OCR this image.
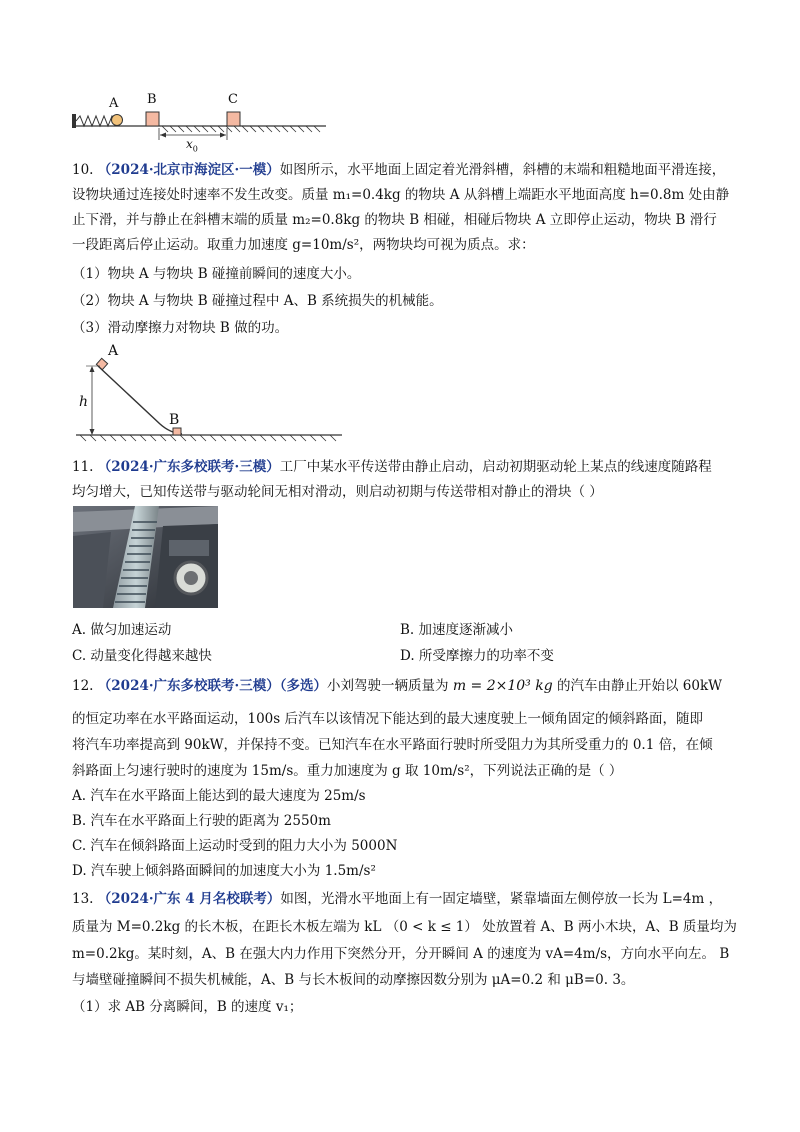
A B	C
$x_0$
10. （2024·北京市海淀区·一模）如图所示，水平地面上固定着光滑斜槽，斜槽的末端和粗糙地面平滑连接，
设物块通过连接处时速率不发生改变。质量 m₁=0.4kg 的物块 A 从斜槽上端距水平地面高度 h=0.8m 处由静
止下滑，并与静止在斜槽末端的质量 m₂=0.8kg 的物块 B 相碰，相碰后物块 A 立即停止运动，物块 B 滑行
一段距离后停止运动。取重力加速度 g=10m/s²，两物块均可视为质点。求：
（1）物块 A 与物块 B 碰撞前瞬间的速度大小。
（2）物块 A 与物块 B 碰撞过程中 A、B 系统损失的机械能。
（3）滑动摩擦力对物块 B 做的功。
A
B
h
11. （2024·广东多校联考·三模）工厂中某水平传送带由静止启动，启动初期驱动轮上某点的线速度随路程
均匀增大，已知传送带与驱动轮间无相对滑动，则启动初期与传送带相对静止的滑块（ ）
A. 做匀加速运动	B. 加速度逐渐减小
C. 动量变化得越来越快	D. 所受摩擦力的功率不变
12. （2024·广东多校联考·三模）（多选）小刘驾驶一辆质量为 m = 2×10³ kg 的汽车由静止开始以 60kW
的恒定功率在水平路面运动，100s 后汽车以该情况下能达到的最大速度驶上一倾角固定的倾斜路面，随即
将汽车功率提高到 90kW，并保持不变。已知汽车在水平路面行驶时所受阻力为其所受重力的 0.1 倍，在倾
斜路面上匀速行驶时的速度为 15m/s。重力加速度为 g 取 10m/s²，下列说法正确的是（ ）
A. 汽车在水平路面上能达到的最大速度为 25m/s
B. 汽车在水平路面上行驶的距离为 2550m
C. 汽车在倾斜路面上运动时受到的阻力大小为 5000N
D. 汽车驶上倾斜路面瞬间的加速度大小为 1.5m/s²
13. （2024·广东 4 月名校联考）如图，光滑水平地面上有一固定墙壁，紧靠墙面左侧停放一长为 L=4m ，
质量为 M=0.2kg 的长木板，在距长木板左端为 kL （0 < k ≤ 1） 处放置着 A、B 两小木块，A、B 质量均为
m=0.2kg。某时刻，A、B 在强大内力作用下突然分开，分开瞬间 A 的速度为 vA=4m/s，方向水平向左。 B
与墙壁碰撞瞬间不损失机械能，A、B 与长木板间的动摩擦因数分别为 μA=0.2 和 μB=0. 3。
（1）求 AB 分离瞬间，B 的速度 v₁；
